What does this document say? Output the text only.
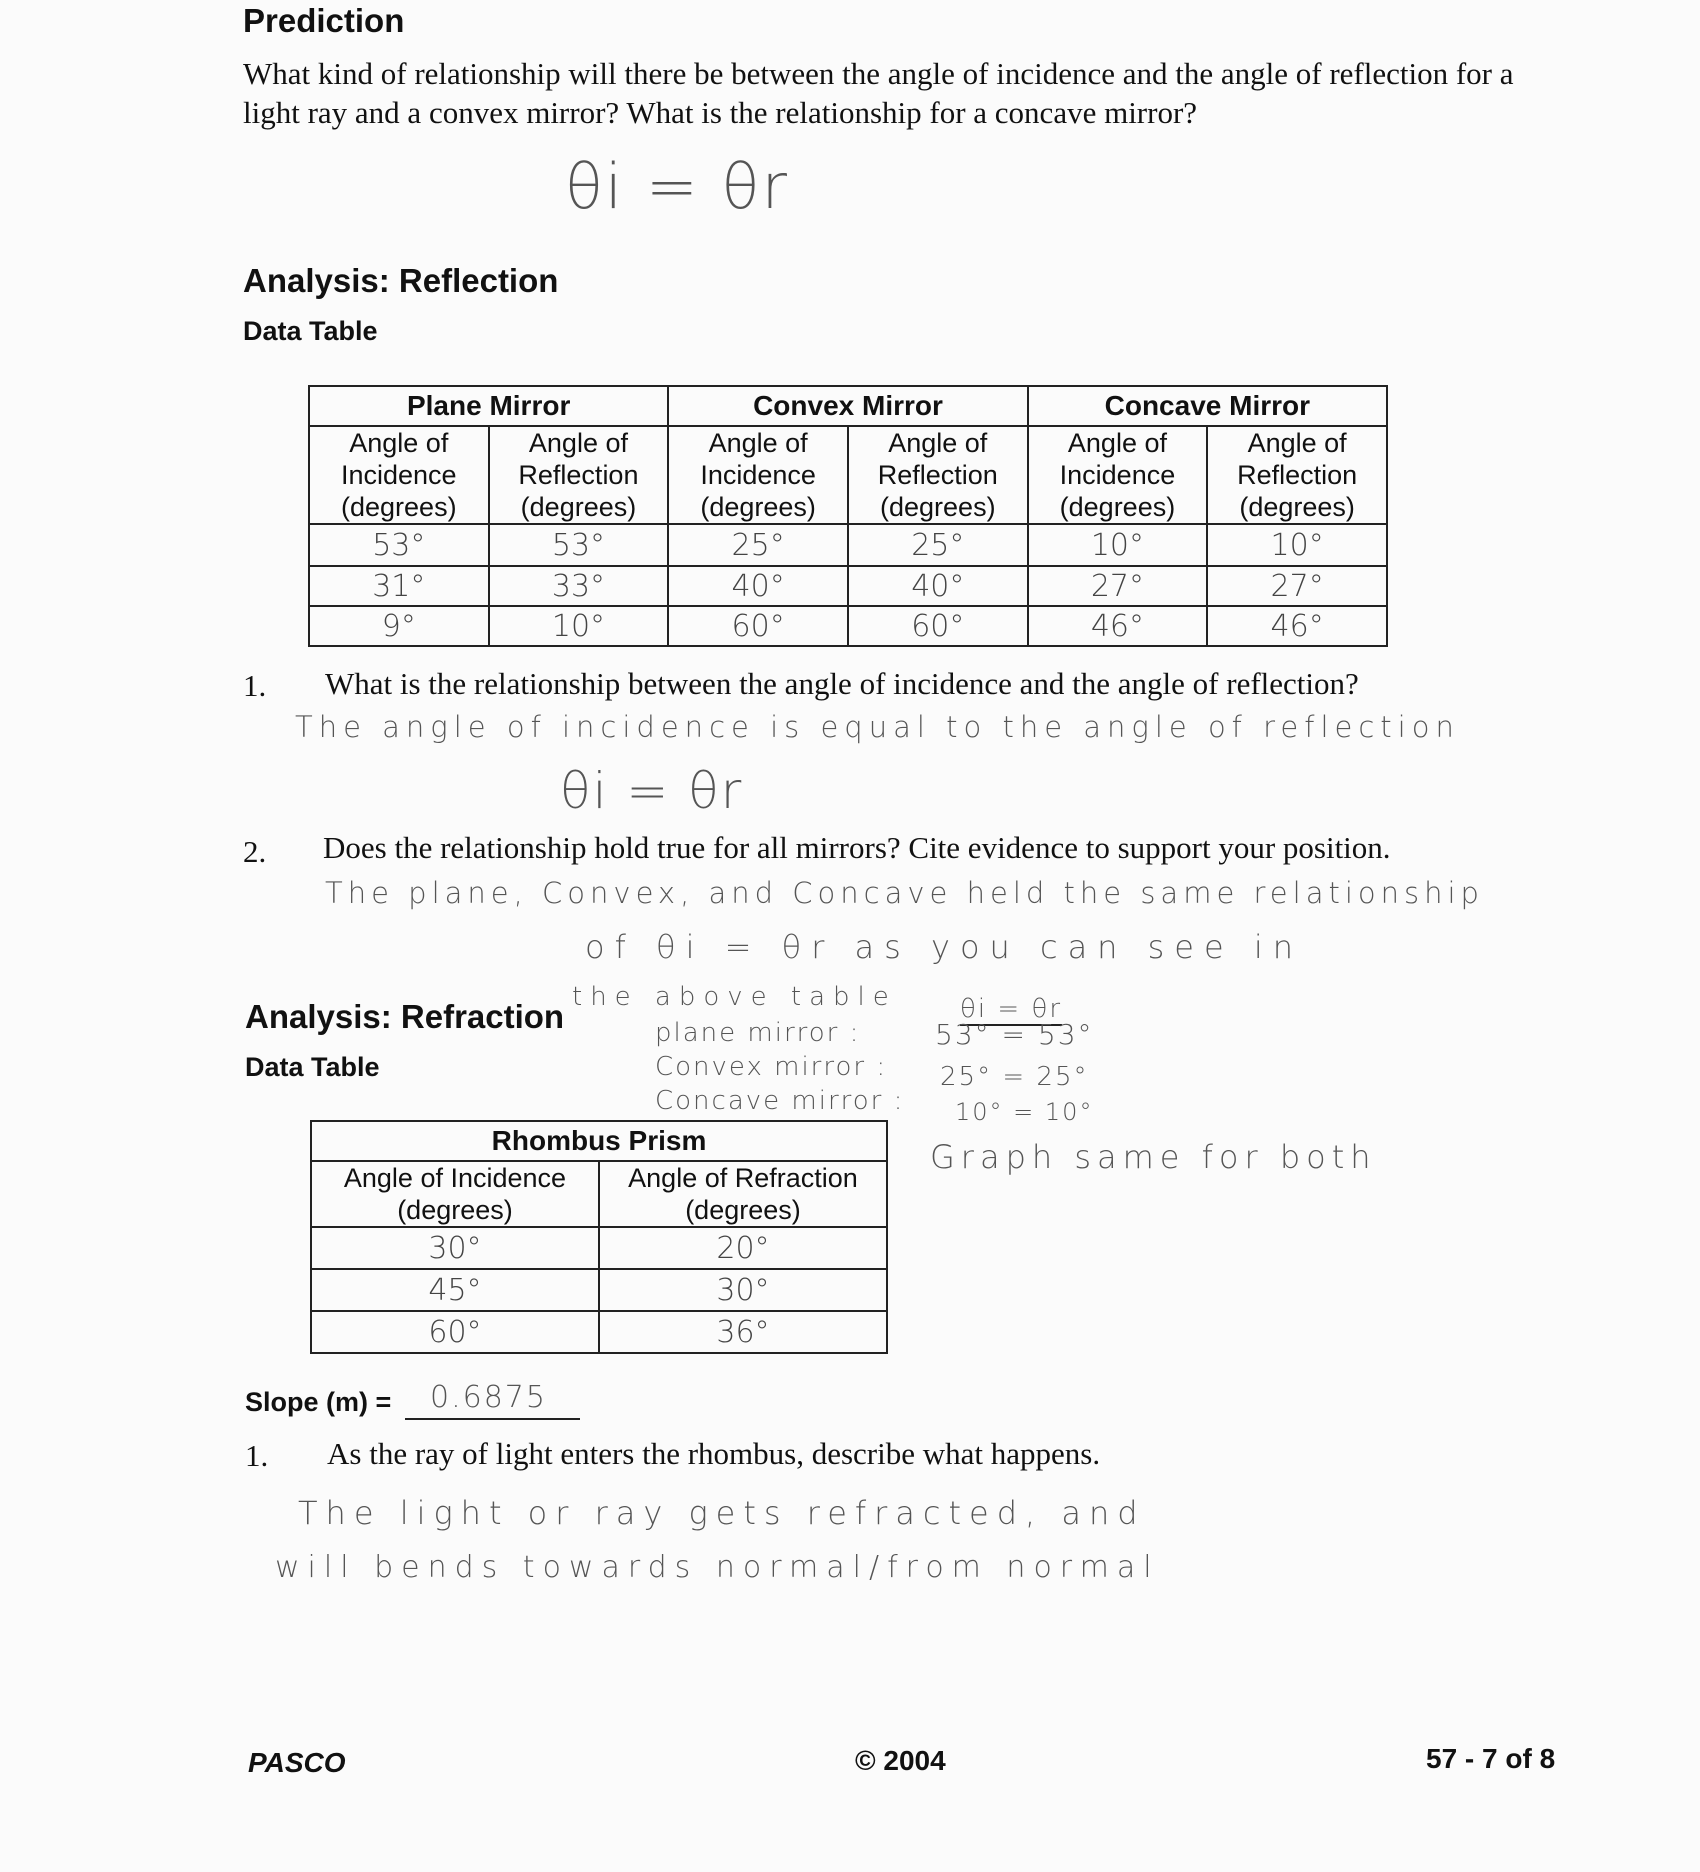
Prediction
What kind of relationship will there be between the angle of incidence and the angle of reflection for a light ray and a convex mirror? What is the relationship for a concave mirror?
θi = θr
Analysis: Reflection
Data Table
Plane Mirror		Convex Mirror		Concave Mirror	
Angle of
Incidence
(degrees)	Angle of
Reflection
(degrees)	Angle of
Incidence
(degrees)	Angle of
Reflection
(degrees)	Angle of
Incidence
(degrees)	Angle of
Reflection
(degrees)
53°	53°	25°	25°	10°	10°
31°	33°	40°	40°	27°	27°
9°	10°	60°	60°	46°	46°
1. What is the relationship between the angle of incidence and the angle of reflection?
The angle of incidence is equal to the angle of reflection
θi = θr
2. Does the relationship hold true for all mirrors? Cite evidence to support your position.
The plane, Convex, and Concave held the same relationship
of θi = θr as you can see in
the above table θi = θr
plane mirror :	53° = 53°
Convex mirror : 25° = 25°
Concave mirror : 10° = 10°
Graph same for both
Analysis: Refraction
Data Table
Rhombus Prism	
Angle of Incidence
(degrees)	Angle of Refraction
(degrees)
30°	20°
45°	30°
60°	36°
Slope (m) = 0.6875
1. As the ray of light enters the rhombus, describe what happens.
The light or ray gets refracted, and
will bends towards normal/from normal
PASCO	© 2004	57 - 7 of 8
